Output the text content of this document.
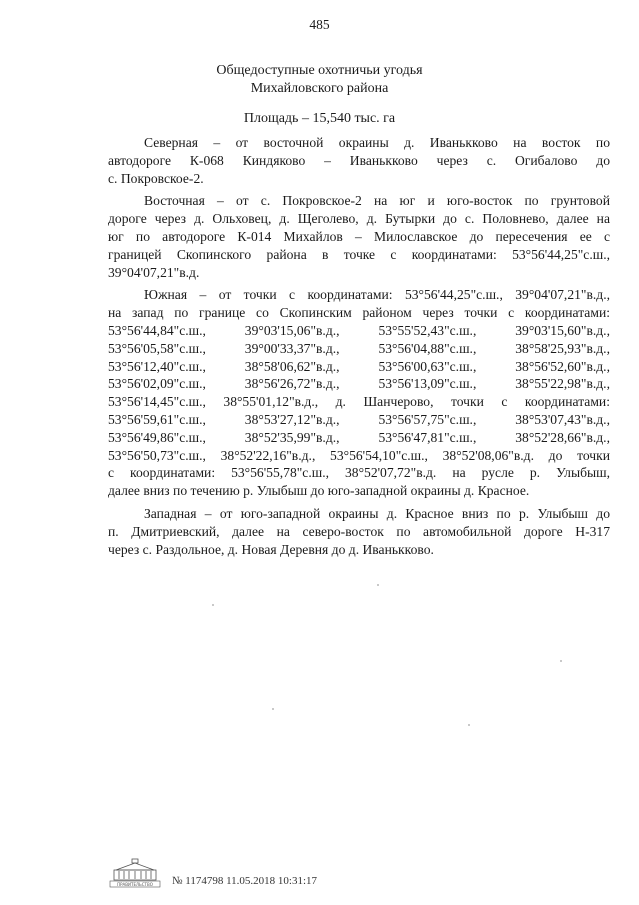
485
Общедоступные охотничьи угодья
Михайловского района
Площадь – 15,540 тыс. га
Северная – от восточной окраины д. Иванькково на восток по
автодороге К-068 Киндяково – Иванькково через с. Огибалово до
с. Покровское-2.
Восточная – от с. Покровское-2 на юг и юго-восток по грунтовой
дороге через д. Ольховец, д. Щеголево, д. Бутырки до с. Половнево, далее на
юг по автодороге К-014 Михайлов – Милославское до пересечения ее с
границей Скопинского района в точке с координатами: 53°56'44,25"с.ш.,
39°04'07,21"в.д.
Южная – от точки с координатами: 53°56'44,25"с.ш., 39°04'07,21"в.д.,
на запад по границе со Скопинским районом через точки с координатами:
53°56'44,84"с.ш.,	39°03'15,06"в.д.,	53°55'52,43"с.ш.,	39°03'15,60"в.д.,
53°56'05,58"с.ш.,	39°00'33,37"в.д.,	53°56'04,88"с.ш.,	38°58'25,93"в.д.,
53°56'12,40"с.ш.,	38°58'06,62"в.д.,	53°56'00,63"с.ш.,	38°56'52,60"в.д.,
53°56'02,09"с.ш.,	38°56'26,72"в.д.,	53°56'13,09"с.ш.,	38°55'22,98"в.д.,
53°56'14,45"с.ш., 38°55'01,12"в.д., д. Шанчерово, точки с координатами:
53°56'59,61"с.ш.,	38°53'27,12"в.д.,	53°56'57,75"с.ш.,	38°53'07,43"в.д.,
53°56'49,86"с.ш.,	38°52'35,99"в.д.,	53°56'47,81"с.ш.,	38°52'28,66"в.д.,
53°56'50,73"с.ш., 38°52'22,16"в.д., 53°56'54,10"с.ш., 38°52'08,06"в.д. до точки
с координатами: 53°56'55,78"с.ш., 38°52'07,72"в.д. на русле р. Улыбыш,
далее вниз по течению р. Улыбыш до юго-западной окраины д. Красное.
Западная – от юго-западной окраины д. Красное вниз по р. Улыбыш до
п. Дмитриевский, далее на северо-восток по автомобильной дороге Н-317
через с. Раздольное, д. Новая Деревня до д. Иванькково.
ПРАВИТЕЛЬСТВО № 1174798 11.05.2018 10:31:17
